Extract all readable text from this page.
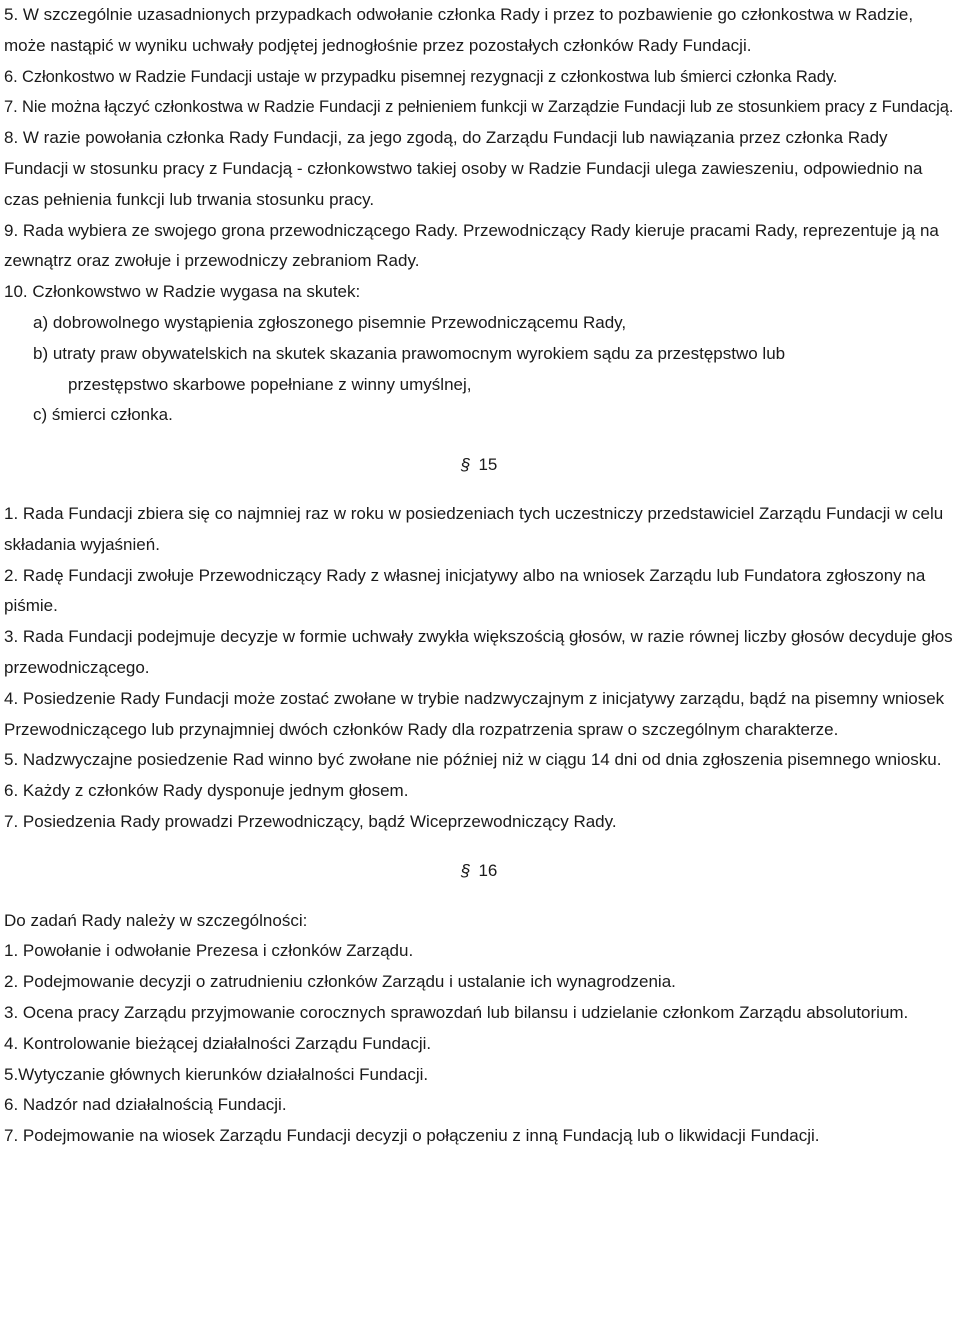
5. W szczególnie uzasadnionych przypadkach odwołanie członka Rady i przez to pozbawienie go członkostwa w Radzie, może nastąpić w wyniku uchwały podjętej jednogłośnie przez pozostałych członków Rady Fundacji.

6. Członkostwo w Radzie Fundacji ustaje w przypadku pisemnej rezygnacji z członkostwa lub śmierci członka Rady.

7. Nie można łączyć członkostwa w Radzie Fundacji z pełnieniem funkcji w Zarządzie Fundacji lub ze stosunkiem pracy z Fundacją.

8. W razie powołania członka Rady Fundacji, za jego zgodą, do Zarządu Fundacji lub nawiązania przez członka Rady Fundacji w stosunku pracy z Fundacją - członkowstwo takiej osoby w Radzie Fundacji ulega zawieszeniu, odpowiednio na czas pełnienia funkcji lub trwania stosunku pracy.

9. Rada wybiera ze swojego grona przewodniczącego Rady. Przewodniczący Rady kieruje pracami Rady, reprezentuje ją na zewnątrz oraz zwołuje i przewodniczy zebraniom Rady.

10. Członkowstwo w Radzie wygasa na skutek:

a) dobrowolnego wystąpienia zgłoszonego pisemnie Przewodniczącemu Rady,

b) utraty praw obywatelskich na skutek skazania prawomocnym wyrokiem sądu za przestępstwo lub

przestępstwo skarbowe popełniane z winny umyślnej,

c) śmierci członka.

§ 15

1. Rada Fundacji zbiera się co najmniej raz w roku w posiedzeniach tych uczestniczy przedstawiciel Zarządu Fundacji w celu składania wyjaśnień.

2. Radę Fundacji zwołuje Przewodniczący Rady z własnej inicjatywy albo na wniosek Zarządu lub Fundatora zgłoszony na piśmie.

3. Rada Fundacji podejmuje decyzje w formie uchwały zwykła większością głosów, w razie równej liczby głosów decyduje głos przewodniczącego.

4. Posiedzenie Rady Fundacji może zostać zwołane w trybie nadzwyczajnym z inicjatywy zarządu, bądź na pisemny wniosek Przewodniczącego lub przynajmniej dwóch członków Rady dla rozpatrzenia spraw o szczególnym charakterze.

5. Nadzwyczajne posiedzenie Rad winno być zwołane nie później niż w ciągu 14 dni od dnia zgłoszenia pisemnego wniosku.

6. Każdy z członków Rady dysponuje jednym głosem.

7. Posiedzenia Rady prowadzi Przewodniczący, bądź Wiceprzewodniczący Rady.

§ 16

Do zadań Rady należy w szczególności:

1. Powołanie i odwołanie Prezesa i członków Zarządu.

2. Podejmowanie decyzji o zatrudnieniu członków Zarządu i ustalanie ich wynagrodzenia.

3. Ocena pracy Zarządu przyjmowanie corocznych sprawozdań lub bilansu i udzielanie członkom Zarządu absolutorium.

4. Kontrolowanie bieżącej działalności Zarządu Fundacji.

5.Wytyczanie głównych kierunków działalności Fundacji.

6. Nadzór nad działalnością Fundacji.

7. Podejmowanie na wiosek Zarządu Fundacji decyzji o połączeniu z inną Fundacją lub o likwidacji Fundacji.
